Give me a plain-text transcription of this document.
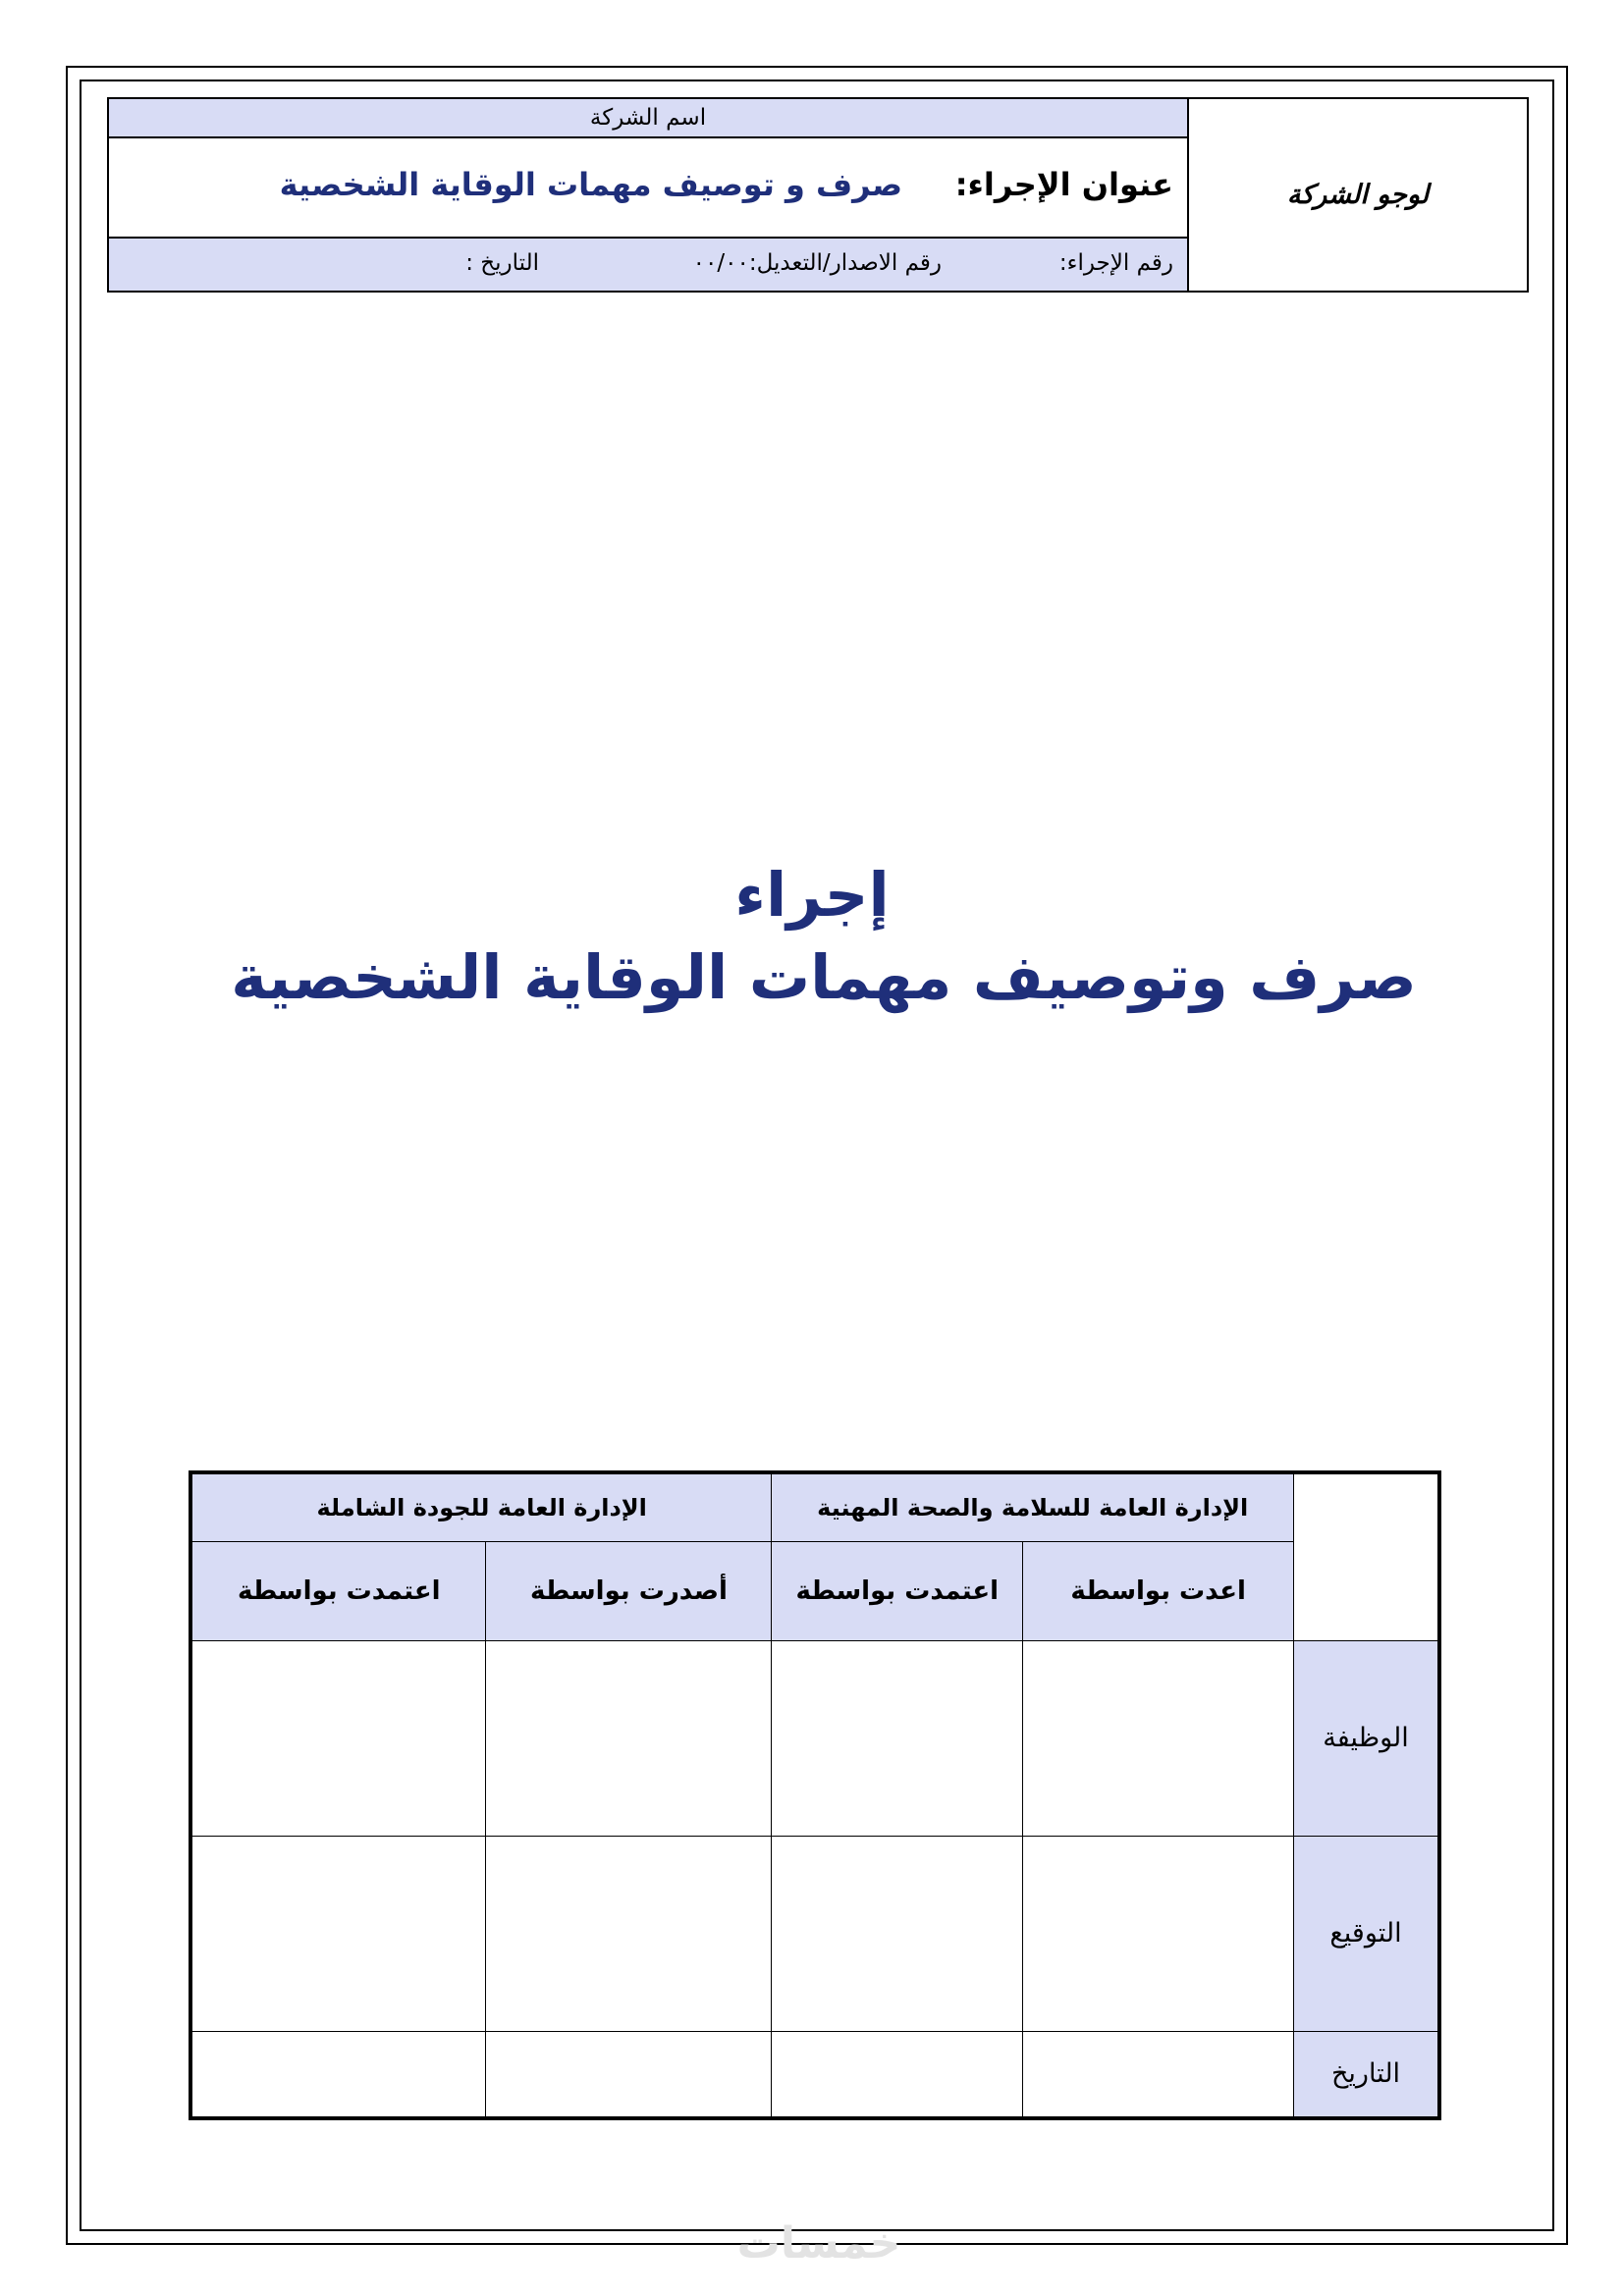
لوجو الشركة
اسم الشركة
عنوان الإجراء:
صرف و توصيف مهمات الوقاية الشخصية
رقم الإجراء:
رقم الاصدار/التعديل:٠٠/٠٠
التاريخ :
إجراء
صرف وتوصيف مهمات الوقاية الشخصية
	الإدارة العامة للسلامة والصحة المهنية		الإدارة العامة للجودة الشاملة	
	اعدت بواسطة	اعتمدت بواسطة	أصدرت بواسطة	اعتمدت بواسطة
الوظيفة				
التوقيع				
التاريخ				
خمسات
